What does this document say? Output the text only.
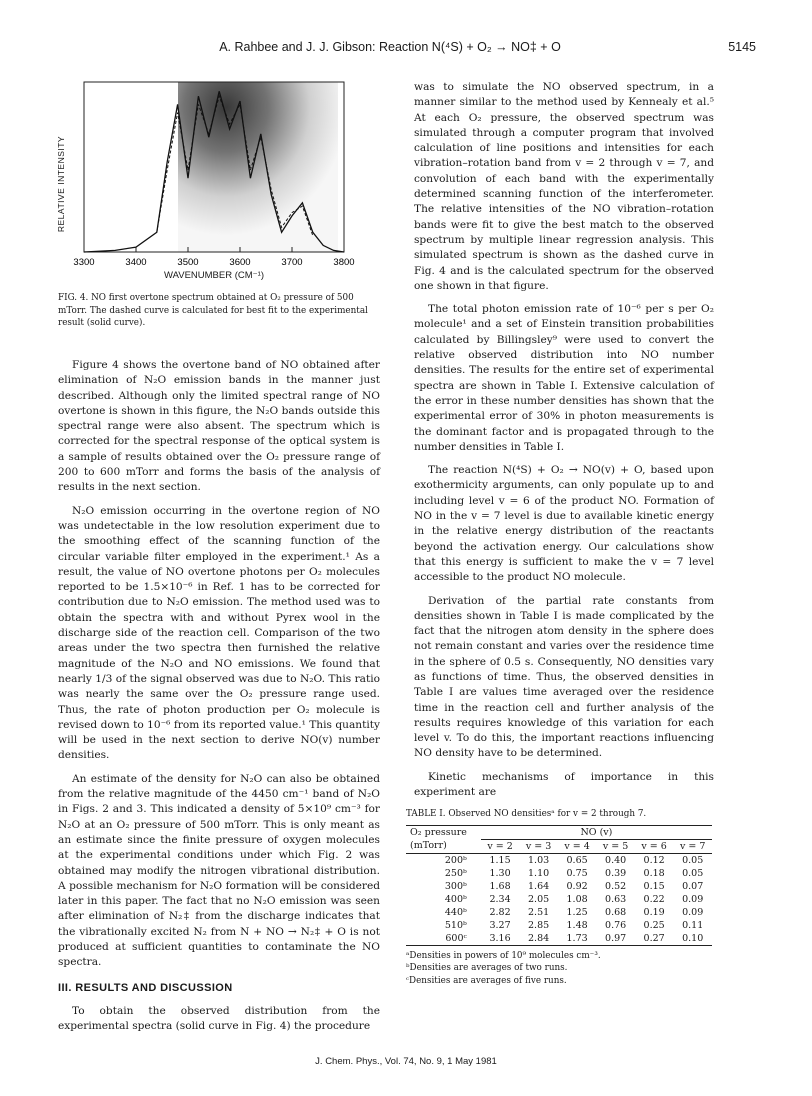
A. Rahbee and J. J. Gibson: Reaction N(⁴S) + O₂ → NO‡ + O	5145
3300	3400	3500	3600	3700	3800
RELATIVE INTENSITY
WAVENUMBER (CM⁻¹)
FIG. 4. NO first overtone spectrum obtained at O₂ pressure of 500 mTorr. The dashed curve is calculated for best fit to the experimental result (solid curve).

Figure 4 shows the overtone band of NO obtained after elimination of N₂O emission bands in the manner just described. Although only the limited spectral range of NO overtone is shown in this figure, the N₂O bands outside this spectral range were also absent. The spectrum which is corrected for the spectral response of the optical system is a sample of results obtained over the O₂ pressure range of 200 to 600 mTorr and forms the basis of the analysis of results in the next section.

N₂O emission occurring in the overtone region of NO was undetectable in the low resolution experiment due to the smoothing effect of the scanning function of the circular variable filter employed in the experiment.¹ As a result, the value of NO overtone photons per O₂ molecules reported to be 1.5×10⁻⁶ in Ref. 1 has to be corrected for contribution due to N₂O emission. The method used was to obtain the spectra with and without Pyrex wool in the discharge side of the reaction cell. Comparison of the two areas under the two spectra then furnished the relative magnitude of the N₂O and NO emissions. We found that nearly 1/3 of the signal observed was due to N₂O. This ratio was nearly the same over the O₂ pressure range used. Thus, the rate of photon production per O₂ molecule is revised down to 10⁻⁶ from its reported value.¹ This quantity will be used in the next section to derive NO(v) number densities.

An estimate of the density for N₂O can also be obtained from the relative magnitude of the 4450 cm⁻¹ band of N₂O in Figs. 2 and 3. This indicated a density of 5×10⁹ cm⁻³ for N₂O at an O₂ pressure of 500 mTorr. This is only meant as an estimate since the finite pressure of oxygen molecules at the experimental conditions under which Fig. 2 was obtained may modify the nitrogen vibrational distribution. A possible mechanism for N₂O formation will be considered later in this paper. The fact that no N₂O emission was seen after elimination of N₂‡ from the discharge indicates that the vibrationally excited N₂ from N + NO → N₂‡ + O is not produced at sufficient quantities to contaminate the NO spectra.

III. RESULTS AND DISCUSSION

To obtain the observed distribution from the experimental spectra (solid curve in Fig. 4) the procedure

was to simulate the NO observed spectrum, in a manner similar to the method used by Kennealy et al.⁵ At each O₂ pressure, the observed spectrum was simulated through a computer program that involved calculation of line positions and intensities for each vibration–rotation band from v = 2 through v = 7, and convolution of each band with the experimentally determined scanning function of the interferometer. The relative intensities of the NO vibration–rotation bands were fit to give the best match to the observed spectrum by multiple linear regression analysis. This simulated spectrum is shown as the dashed curve in Fig. 4 and is the calculated spectrum for the observed one shown in that figure.

The total photon emission rate of 10⁻⁶ per s per O₂ molecule¹ and a set of Einstein transition probabilities calculated by Billingsley⁹ were used to convert the relative observed distribution into NO number densities. The results for the entire set of experimental spectra are shown in Table I. Extensive calculation of the error in these number densities has shown that the experimental error of 30% in photon measurements is the dominant factor and is propagated through to the number densities in Table I.

The reaction N(⁴S) + O₂ → NO(v) + O, based upon exothermicity arguments, can only populate up to and including level v = 6 of the product NO. Formation of NO in the v = 7 level is due to available kinetic energy in the relative energy distribution of the reactants beyond the activation energy. Our calculations show that this energy is sufficient to make the v = 7 level accessible to the product NO molecule.

Derivation of the partial rate constants from densities shown in Table I is made complicated by the fact that the nitrogen atom density in the sphere does not remain constant and varies over the residence time in the sphere of 0.5 s. Consequently, NO densities vary as functions of time. Thus, the observed densities in Table I are values time averaged over the residence time in the reaction cell and further analysis of the results requires knowledge of this variation for each level v. To do this, the important reactions influencing NO density have to be determined.

Kinetic mechanisms of importance in this experiment are

TABLE I. Observed NO densitiesᵃ for v = 2 through 7.
O₂ pressure	NO (v)					
(mTorr)	v = 2	v = 3	v = 4	v = 5	v = 6	v = 7
200ᵇ	1.15	1.03	0.65	0.40	0.12	0.05
250ᵇ	1.30	1.10	0.75	0.39	0.18	0.05
300ᵇ	1.68	1.64	0.92	0.52	0.15	0.07
400ᵇ	2.34	2.05	1.08	0.63	0.22	0.09
440ᵇ	2.82	2.51	1.25	0.68	0.19	0.09
510ᵇ	3.27	2.85	1.48	0.76	0.25	0.11
600ᶜ	3.16	2.84	1.73	0.97	0.27	0.10
ᵃDensities in powers of 10⁹ molecules cm⁻³.
ᵇDensities are averages of two runs.
ᶜDensities are averages of five runs.
J. Chem. Phys., Vol. 74, No. 9, 1 May 1981
